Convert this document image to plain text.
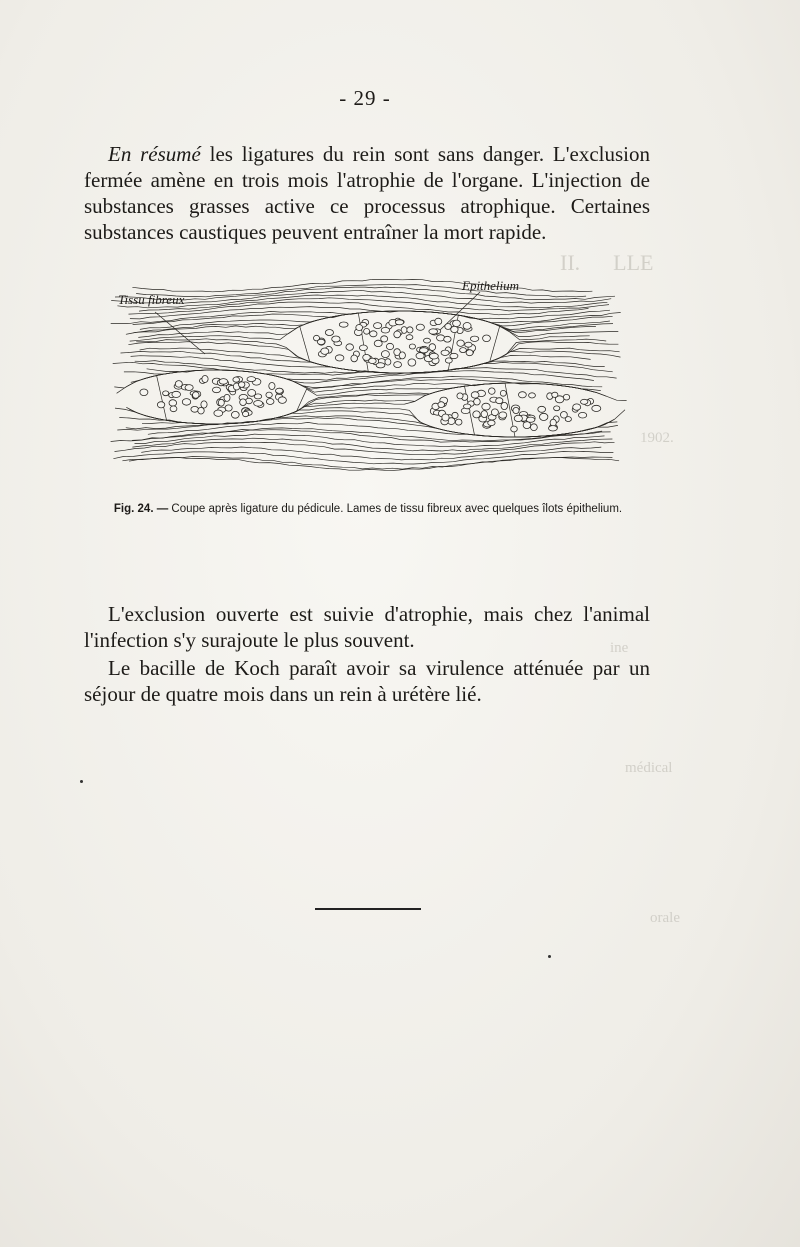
II.      LLE
1902.
ine
médical
orale
- 29 -

En résumé les ligatures du rein sont sans danger. L'exclusion fermée amène en trois mois l'atrophie de l'organe. L'injection de substances grasses active ce processus atrophique. Certaines substances caustiques peuvent entraîner la mort rapide.

Tissu fibreux
Epithelium
Fig. 24. — Coupe après ligature du pédicule. Lames de tissu fibreux avec quelques îlots épithelium.

L'exclusion ouverte est suivie d'atrophie, mais chez l'animal l'infection s'y surajoute le plus souvent.

Le bacille de Koch paraît avoir sa virulence atténuée par un séjour de quatre mois dans un rein à urétère lié.
